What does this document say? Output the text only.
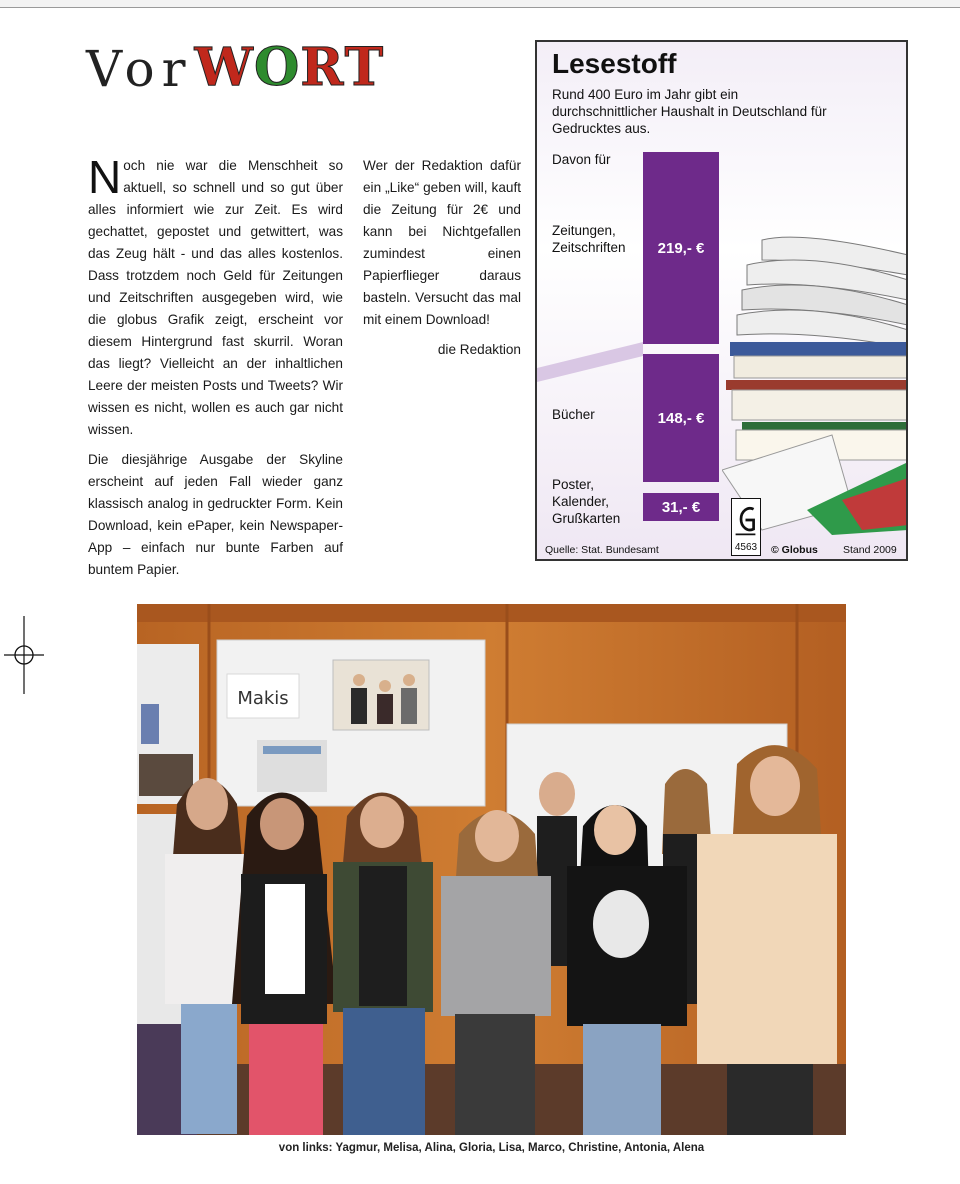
Vor W O R T

Noch nie war die Menschheit so aktuell, so schnell und so gut über alles informiert wie zur Zeit. Es wird gechattet, gepostet und getwittert, was das Zeug hält - und das alles kostenlos. Dass trotzdem noch Geld für Zeitungen und Zeitschriften ausgegeben wird, wie die globus Grafik zeigt, erscheint vor diesem Hintergrund fast skurril. Woran das liegt? Vielleicht an der inhaltlichen Leere der meisten Posts und Tweets? Wir wissen es nicht, wollen es auch gar nicht wissen.

Die diesjährige Ausgabe der Skyline erscheint auf jeden Fall wieder ganz klassisch analog in gedruckter Form. Kein Download, kein ePaper, kein Newspaper-App – einfach nur bunte Farben auf buntem Papier.

Wer der Redaktion dafür ein „Like“ geben will, kauft die Zeitung für 2€ und kann bei Nichtgefallen zumindest einen Papierflieger daraus basteln. Versucht das mal mit einem Download!

die Redaktion

Lesestoff
Rund 400 Euro im Jahr gibt ein durchschnittlicher Haushalt in Deutschland für Gedrucktes aus.
Davon für
Zeitungen, Zeitschriften
Bücher
Poster, Kalender, Grußkarten
219,- €
148,- €
31,- €
4563
Quelle: Stat. Bundesamt	© Globus Stand 2009
Makis
von links: Yagmur, Melisa, Alina, Gloria, Lisa, Marco, Christine, Antonia, Alena
